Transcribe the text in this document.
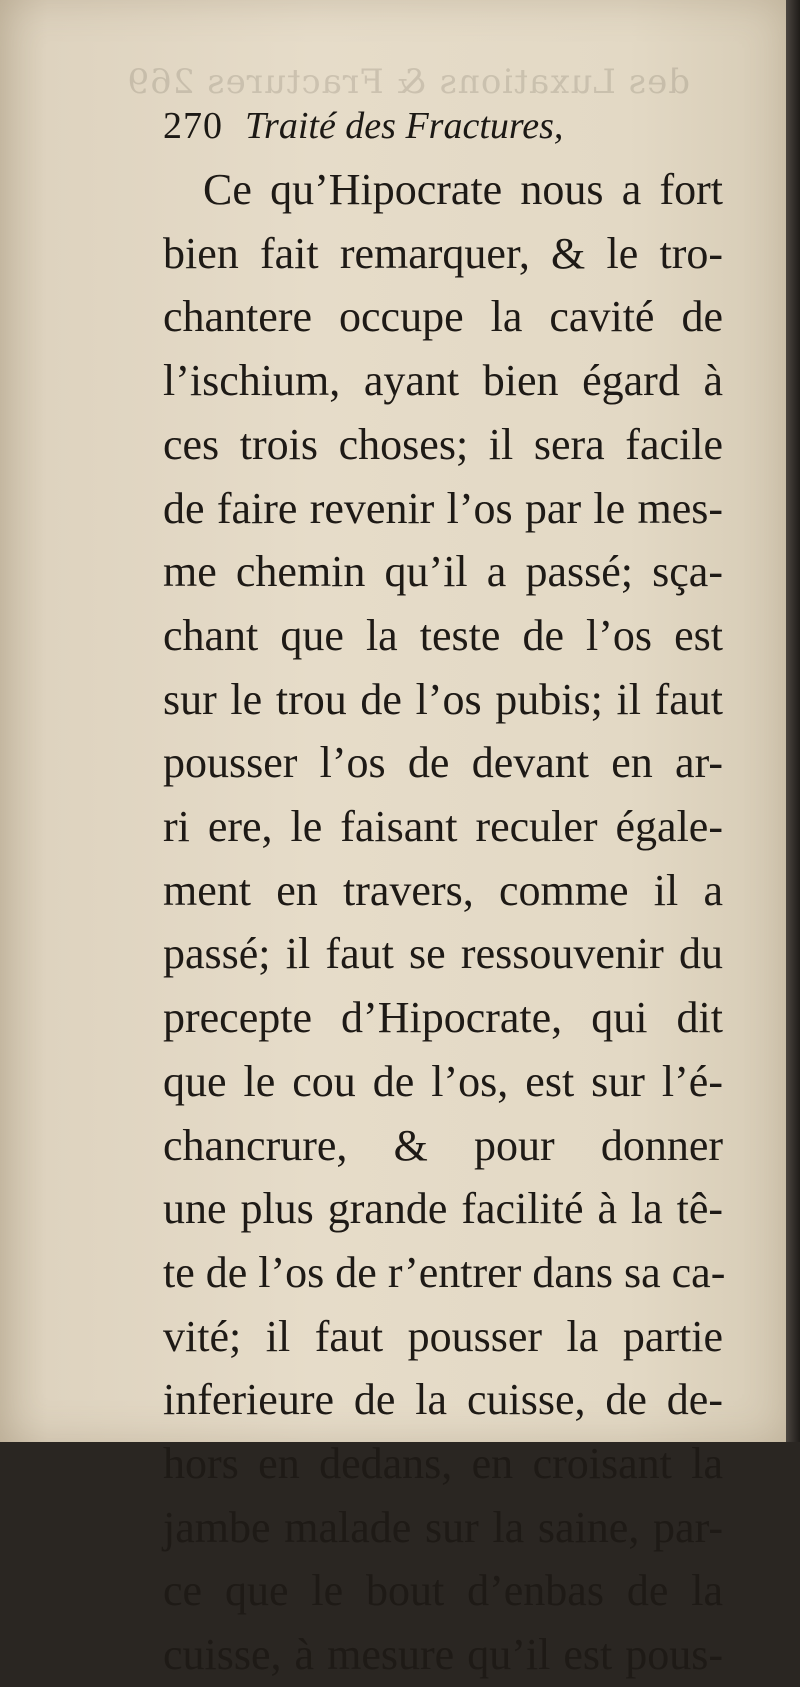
des Luxations & Fractures 269
270 Traité des Fractures,
Ce qu’Hipocrate nous a fort
bien fait remarquer, & le tro-
chantere occupe la cavité de
l’ischium, ayant bien égard à
ces trois choses; il sera facile
de faire revenir l’os par le mes-
me chemin qu’il a passé; sça-
chant que la teste de l’os est
sur le trou de l’os pubis; il faut
pousser l’os de devant en ar-
ri ere, le faisant reculer égale-
ment en travers, comme il a
passé; il faut se ressouvenir du
precepte d’Hipocrate, qui dit
que le cou de l’os, est sur l’é-
chancrure, & pour donner
une plus grande facilité à la tê-
te de l’os de r’entrer dans sa ca-
vité; il faut pousser la partie
inferieure de la cuisse, de de-
hors en dedans, en croisant la
jambe malade sur la saine, par-
ce que le bout d’enbas de la
cuisse, à mesure qu’il est pous-
